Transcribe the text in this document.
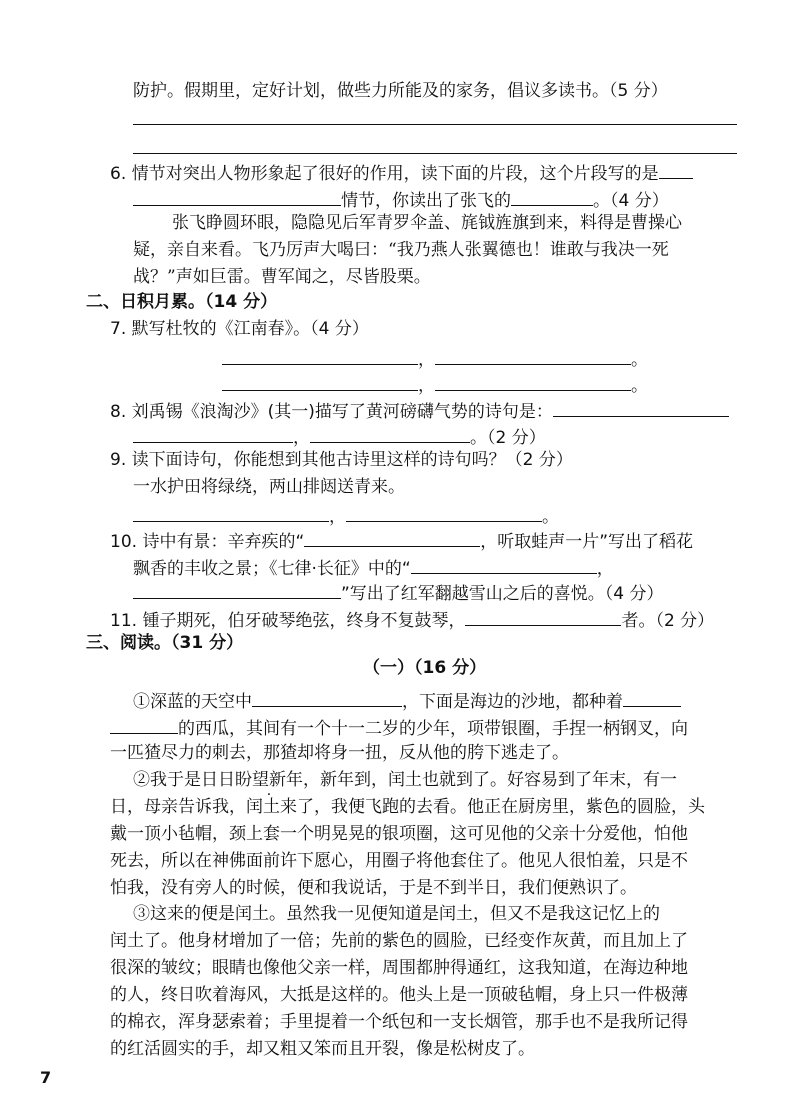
防护。假期里，定好计划，做些力所能及的家务，倡议多读书。（5 分）
6. 情节对突出人物形象起了很好的作用，读下面的片段，这个片段写的是
情节，你读出了张飞的	。（4 分）
张飞睁圆环眼，隐隐见后军青罗伞盖、旄钺旌旗到来，料得是曹操心
疑，亲自来看。飞乃厉声大喝曰：“我乃燕人张翼德也！谁敢与我决一死
战？”声如巨雷。曹军闻之，尽皆股栗。
二、日积月累。（14 分）
7. 默写杜牧的《江南春》。（4 分）
，	。
，	。
8. 刘禹锡《浪淘沙》(其一)描写了黄河磅礴气势的诗句是：
，	。（2 分）
9. 读下面诗句，你能想到其他古诗里这样的诗句吗？（2 分）
一水护田将绿绕，两山排闼送青来。
，	。
10. 诗中有景：辛弃疾的“	，听取蛙声一片”写出了稻花
飘香的丰收之景；《七律·长征》中的“	，
”写出了红军翻越雪山之后的喜悦。（4 分）
11. 锺子期死，伯牙破琴绝弦，终身不复鼓琴，	者。（2 分）
三、阅读。（31 分）
（一）（16 分）
①深蓝的天空中	，下面是海边的沙地，都种着
的西瓜，其间有一个十一二岁的少年，项带银圈，手捏一柄钢叉，向
一匹猹尽力的刺去，那猹却将身一扭，反从他的胯下逃走了。
②我于是日日盼望新年，新年到，闰土也就到了。好容易到了年末，有一
日，母亲告诉我，闰土来了，我便飞跑的去看。他正在厨房里，紫色的圆脸，头
戴一顶小毡帽，颈上套一个明晃晃的银项圈，这可见他的父亲十分爱他，怕他
死去，所以在神佛面前许下愿心，用圈子将他套住了。他见人很怕羞，只是不
怕我，没有旁人的时候，便和我说话，于是不到半日，我们便熟识了。
③这来的便是闰土。虽然我一见便知道是闰土，但又不是我这记忆上的
闰土了。他身材增加了一倍；先前的紫色的圆脸，已经变作灰黄，而且加上了
很深的皱纹；眼睛也像他父亲一样，周围都肿得通红，这我知道，在海边种地
的人，终日吹着海风，大抵是这样的。他头上是一顶破毡帽，身上只一件极薄
的棉衣，浑身瑟索着；手里提着一个纸包和一支长烟管，那手也不是我所记得
的红活圆实的手，却又粗又笨而且开裂，像是松树皮了。
7
